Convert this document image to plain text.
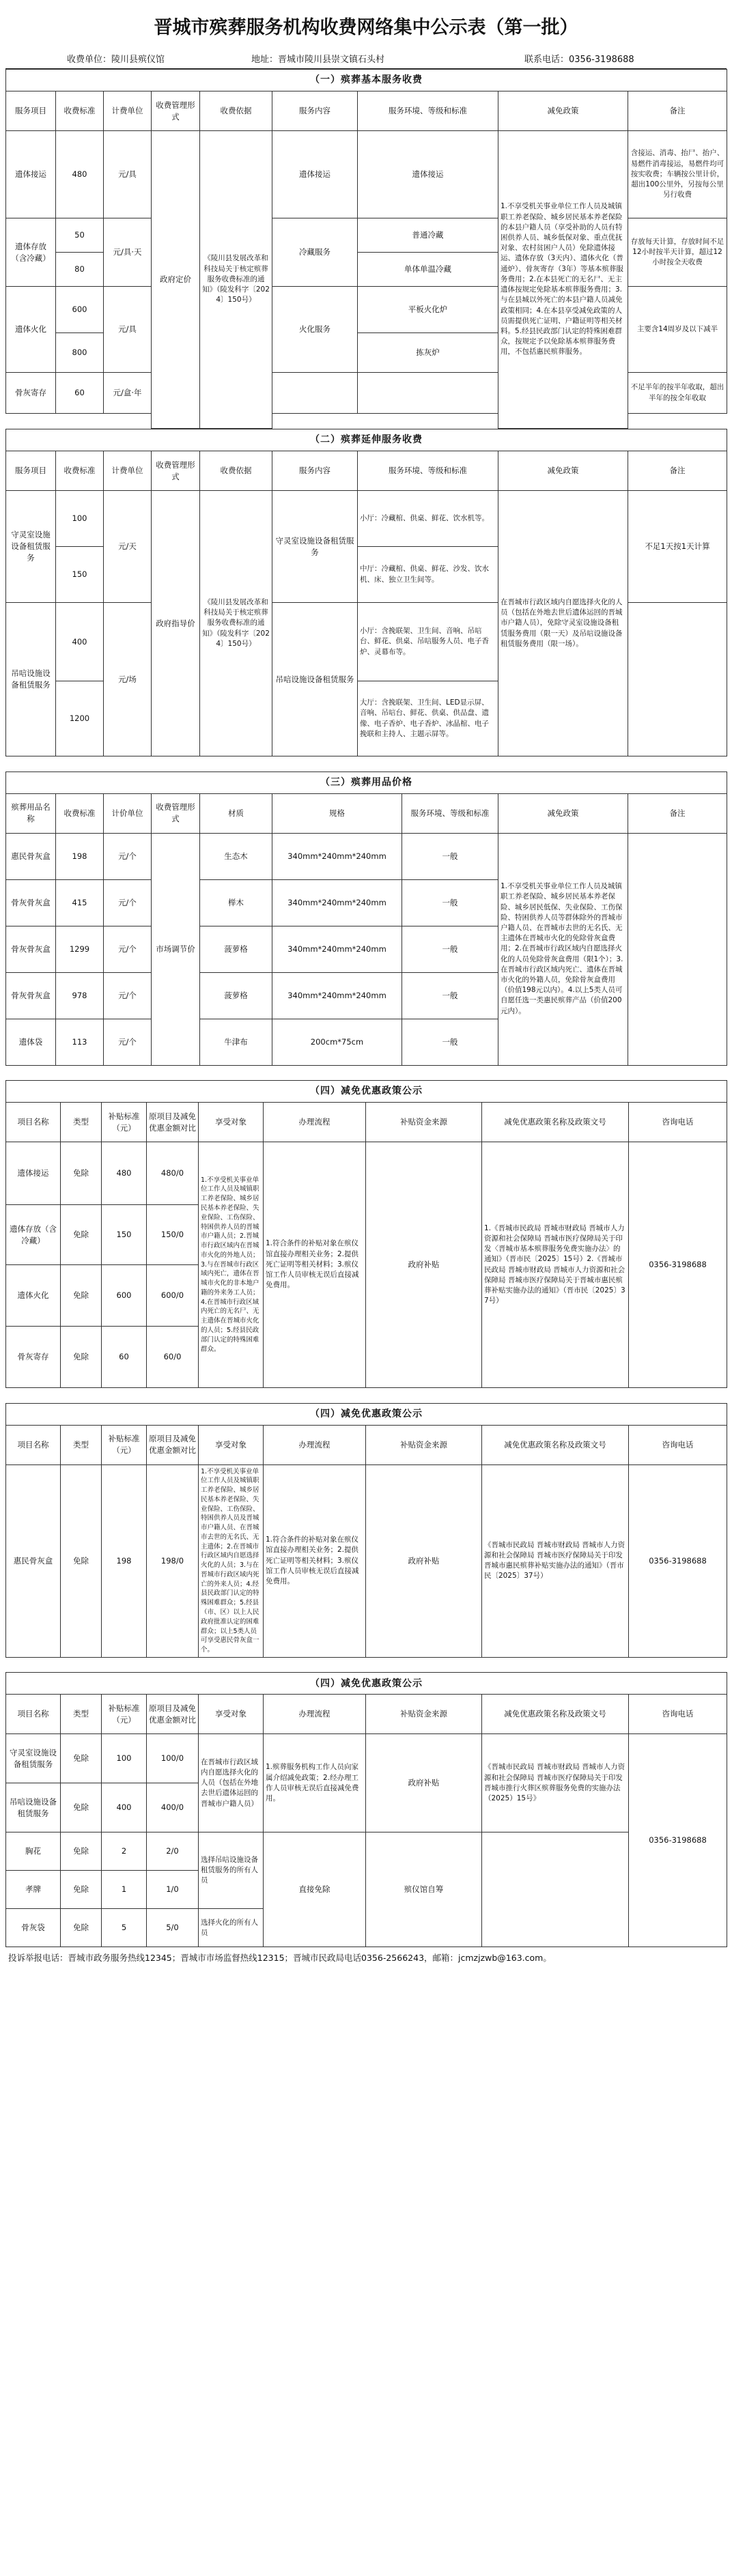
晋城市殡葬服务机构收费网络集中公示表（第一批）
收费单位：陵川县殡仪馆	地址：晋城市陵川县崇文镇石头村	联系电话：0356-3198688
（一）殡葬基本服务收费								
服务项目	收费标准	计费单位	收费管理形式	收费依据	服务内容	服务环境、等级和标准	减免政策	备注
遗体接运	480	元/具	政府定价	《陵川县发展改革和科技局关于核定殡葬服务收费标准的通知》（陵发科字〔2024〕150号）	遗体接运	遗体接运	1.不享受机关事业单位工作人员及城镇职工养老保险、城乡居民基本养老保险的本县户籍人员（享受补助的人员有特困供养人员、城乡低保对象、重点优抚对象、农村贫困户人员）免除遗体接运、遗体存放（3天内）、遗体火化（普通炉）、骨灰寄存（3年）等基本殡葬服务费用；2.在本县死亡的无名尸、无主遗体按规定免除基本殡葬服务费用；3.与在县城以外死亡的本县户籍人员减免政策相同；4.在本县享受减免政策的人员需提供死亡证明、户籍证明等相关材料。5.经县民政部门认定的特殊困难群众，按规定予以免除基本殡葬服务费用，不包括惠民殡葬服务。	含接运、消毒、抬尸、抬户、易燃件消毒接运，易燃件均可按实收费；车辆按公里计价，超出100公里外，另按每公里另行收费
遗体存放（含冷藏）	50	元/具·天			冷藏服务	普通冷藏		存放每天计算，存放时间不足12小时按半天计算，超过12小时按全天收费
	80					单体单温冷藏		
遗体火化	600	元/具			火化服务	平板火化炉		主要含14周岁及以下减半
	800					拣灰炉		
骨灰寄存	60	元/盒·年						不足半年的按半年收取，超出半年的按全年收取

（二）殡葬延伸服务收费								
服务项目	收费标准	计费单位	收费管理形式	收费依据	服务内容	服务环境、等级和标准	减免政策	备注
守灵室设施设备租赁服务	100	元/天	政府指导价	《陵川县发展改革和科技局关于核定殡葬服务收费标准的通知》（陵发科字〔2024〕150号）	守灵室设施设备租赁服务	小厅：冷藏棺、供桌、鲜花、饮水机等。	在晋城市行政区域内自愿选择火化的人员（包括在外地去世后遗体运回的晋城市户籍人员），免除守灵室设施设备租赁服务费用（限一天）及吊唁设施设备租赁服务费用（限一场）。	不足1天按1天计算
	150					中厅：冷藏棺、供桌、鲜花、沙发、饮水机、床、独立卫生间等。		
吊唁设施设备租赁服务	400	元/场			吊唁设施设备租赁服务	小厅：含挽联架、卫生间、音响、吊唁台、鲜花、供桌、吊唁服务人员、电子香炉、灵幕布等。		
	1200					大厅：含挽联架、卫生间、LED显示屏、音响、吊唁台、鲜花、供桌、供品盘、遗像、电子香炉、电子香炉、冰晶棺、电子挽联和主持人、主题示屏等。		

（三）殡葬用品价格								
殡葬用品名称	收费标准	计价单位	收费管理形式	材质	规格	服务环境、等级和标准	减免政策	备注
惠民骨灰盒	198	元/个	市场调节价	生态木	340mm*240mm*240mm	一般	1.不享受机关事业单位工作人员及城镇职工养老保险、城乡居民基本养老保险、城乡居民低保、失业保险、工伤保险、特困供养人员等群体除外的晋城市户籍人员、在晋城市去世的无名氏、无主遗体在晋城市火化的免除骨灰盒费用；2.在晋城市行政区域内自愿选择火化的人员免除骨灰盒费用（限1个）；3.在晋城市行政区域内死亡、遗体在晋城市火化的外籍人员，免除骨灰盒费用（价值198元以内）。4.以上5类人员可自愿任选一类惠民殡葬产品（价值200元内）。	
骨灰骨灰盒	415	元/个		榉木	340mm*240mm*240mm	一般		
骨灰骨灰盒	1299	元/个		菠萝格	340mm*240mm*240mm	一般		
骨灰骨灰盒	978	元/个		菠萝格	340mm*240mm*240mm	一般		
遗体袋	113	元/个		牛津布	200cm*75cm	一般		

（四）减免优惠政策公示								
项目名称	类型	补贴标准（元）	原项目及减免优惠金额对比	享受对象	办理流程	补贴资金来源	减免优惠政策名称及政策文号	咨询电话
遗体接运	免除	480	480/0	1.不享受机关事业单位工作人员及城镇职工养老保险、城乡居民基本养老保险、失业保险、工伤保险、特困供养人员的晋城市户籍人员；2.晋城市行政区域内在晋城市火化的外地人员；3.与在晋城市行政区域内死亡，遗体在晋城市火化的非本地户籍的外来务工人员；4.在晋城市行政区域内死亡的无名尸、无主遗体在晋城市火化的人员；5.经县民政部门认定的特殊困难群众。	1.符合条件的补贴对象在殡仪馆直接办理相关业务；2.提供死亡证明等相关材料；3.殡仪馆工作人员审核无误后直接减免费用。	政府补贴	1.《晋城市民政局 晋城市财政局 晋城市人力资源和社会保障局 晋城市医疗保障局关于印发〈晋城市基本殡葬服务免费实施办法〉的通知》（晋市民〔2025〕15号）2.《晋城市民政局 晋城市财政局 晋城市人力资源和社会保障局 晋城市医疗保障局关于晋城市惠民殡葬补贴实施办法的通知》（晋市民〔2025〕37号）	0356-3198688
遗体存放（含冷藏）	免除	150	150/0					
遗体火化	免除	600	600/0					
骨灰寄存	免除	60	60/0					

（四）减免优惠政策公示								
项目名称	类型	补贴标准（元）	原项目及减免优惠金额对比	享受对象	办理流程	补贴资金来源	减免优惠政策名称及政策文号	咨询电话
惠民骨灰盒	免除	198	198/0	1.不享受机关事业单位工作人员及城镇职工养老保险、城乡居民基本养老保险、失业保险、工伤保险、特困供养人员及晋城市户籍人员、在晋城市去世的无名氏、无主遗体；2.在晋城市行政区域内自愿选择火化的人员；3.与在晋城市行政区域内死亡的外来人员；4.经县民政部门认定的特殊困难群众；5.经县（市、区）以上人民政府批准认定的困难群众；以上5类人员可享受惠民骨灰盒一个。	1.符合条件的补贴对象在殡仪馆直接办理相关业务；2.提供死亡证明等相关材料；3.殡仪馆工作人员审核无误后直接减免费用。	政府补贴	《晋城市民政局 晋城市财政局 晋城市人力资源和社会保障局 晋城市医疗保障局关于印发晋城市惠民殡葬补贴实施办法的通知》（晋市民〔2025〕37号）	0356-3198688

（四）减免优惠政策公示								
项目名称	类型	补贴标准（元）	原项目及减免优惠金额对比	享受对象	办理流程	补贴资金来源	减免优惠政策名称及政策文号	咨询电话
守灵室设施设备租赁服务	免除	100	100/0	在晋城市行政区域内自愿选择火化的人员（包括在外地去世后遗体运回的晋城市户籍人员）	1.殡葬服务机构工作人员向家属介绍减免政策；2.经办理工作人员审核无误后直接减免费用。	政府补贴	《晋城市民政局 晋城市财政局 晋城市人力资源和社会保障局 晋城市医疗保障局关于印发晋城市推行火葬区殡葬服务免费的实施办法（2025）15号》	0356-3198688
吊唁设施设备租赁服务	免除	400	400/0					
胸花	免除	2	2/0	选择吊唁设施设备租赁服务的所有人员	直接免除	殡仪馆自筹		
孝牌	免除	1	1/0					
骨灰袋	免除	5	5/0	选择火化的所有人员				
投诉举报电话：晋城市政务服务热线12345；晋城市市场监督热线12315；晋城市民政局电话0356-2566243，邮箱：jcmzjzwb@163.com。
